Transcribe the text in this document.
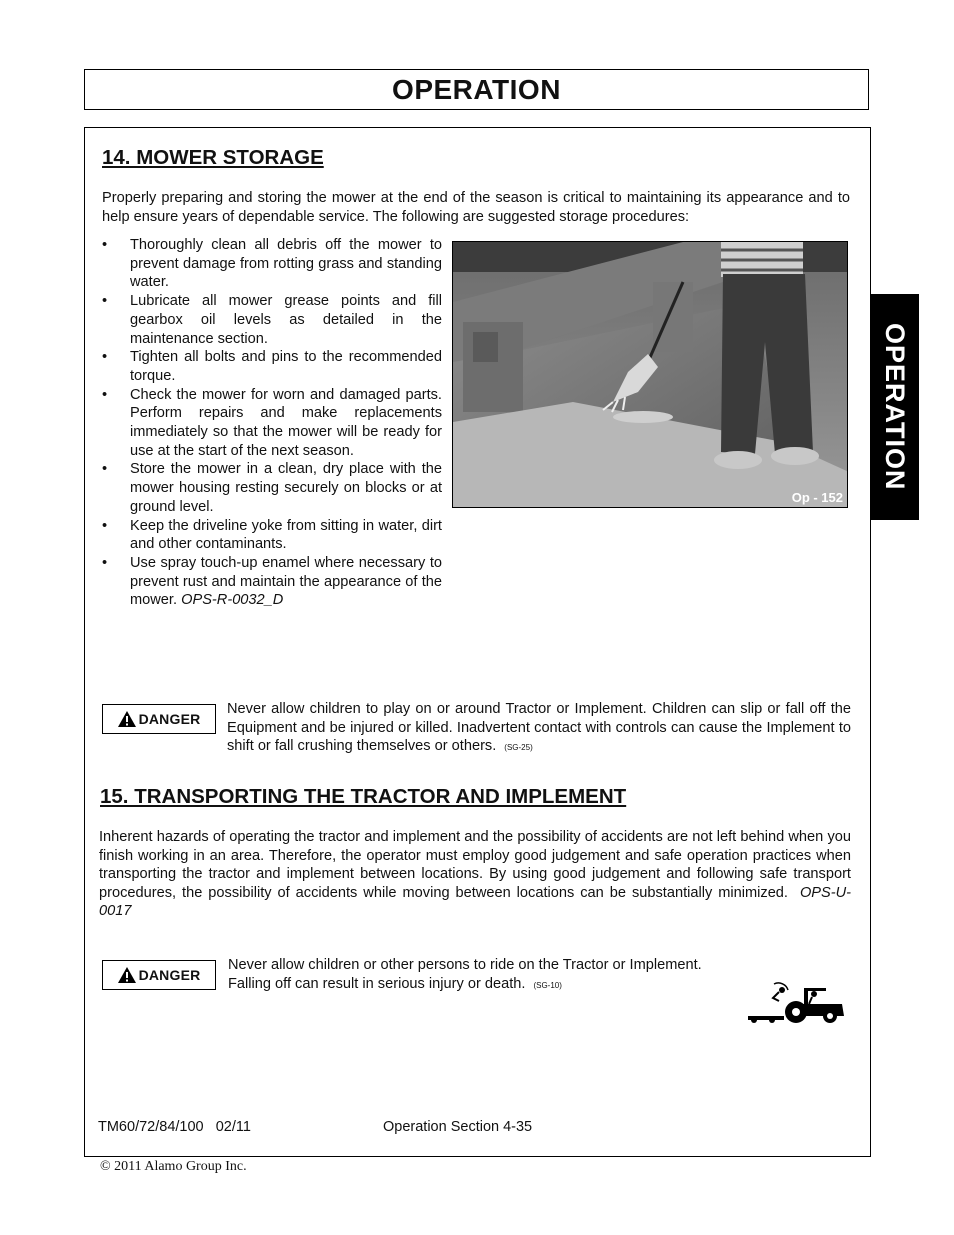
OPERATION
OPERATION
14. MOWER STORAGE

Properly preparing and storing the mower at the end of the season is critical to maintaining its appearance and to help ensure years of dependable service. The following are suggested storage procedures:

• Thoroughly clean all debris off the mower to prevent damage from rotting grass and standing water.
• Lubricate all mower grease points and fill gearbox oil levels as detailed in the maintenance section.
• Tighten all bolts and pins to the recommended torque.
• Check the mower for worn and damaged parts. Perform repairs and make replacements immediately so that the mower will be ready for use at the start of the next season.
• Store the mower in a clean, dry place with the mower housing resting securely on blocks or at ground level.
• Keep the driveline yoke from sitting in water, dirt and other contaminants.
• Use spray touch-up enamel where necessary to prevent rust and maintain the appearance of the mower. OPS-R-0032_D
Op - 152
DANGER

Never allow children to play on or around Tractor or Implement. Children can slip or fall off the Equipment and be injured or killed. Inadvertent contact with controls can cause the Implement to shift or fall crushing themselves or others. (SG-25)

15. TRANSPORTING THE TRACTOR AND IMPLEMENT

Inherent hazards of operating the tractor and implement and the possibility of accidents are not left behind when you finish working in an area. Therefore, the operator must employ good judgement and safe operation practices when transporting the tractor and implement between locations. By using good judgement and following safe transport procedures, the possibility of accidents while moving between locations can be substantially minimized. OPS-U- 0017

DANGER

Never allow children or other persons to ride on the Tractor or Implement.
Falling off can result in serious injury or death. (SG-10)

TM60/72/84/100 02/11	Operation Section 4-35
© 2011 Alamo Group Inc.
